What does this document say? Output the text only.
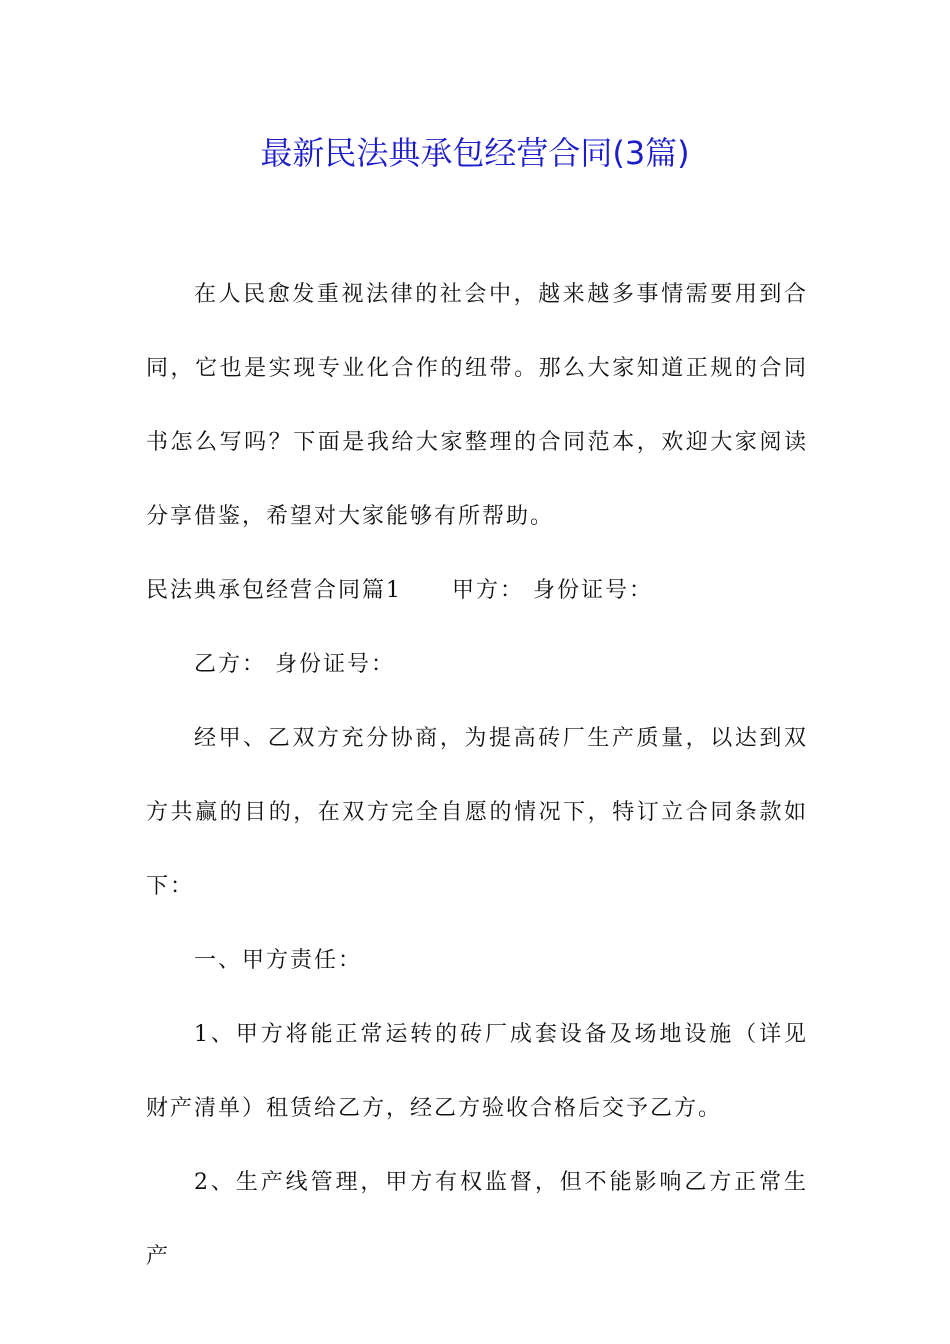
最新民法典承包经营合同(3篇)

在人民愈发重视法律的社会中，越来越多事情需要用到合同，它也是实现专业化合作的纽带。那么大家知道正规的合同书怎么写吗？下面是我给大家整理的合同范本，欢迎大家阅读分享借鉴，希望对大家能够有所帮助。

民法典承包经营合同篇1 甲方： 身份证号：

乙方： 身份证号：

经甲、乙双方充分协商，为提高砖厂生产质量，以达到双方共赢的目的，在双方完全自愿的情况下，特订立合同条款如下：

一、甲方责任：

1、甲方将能正常运转的砖厂成套设备及场地设施（详见财产清单）租赁给乙方，经乙方验收合格后交予乙方。

2、生产线管理，甲方有权监督，但不能影响乙方正常生产
